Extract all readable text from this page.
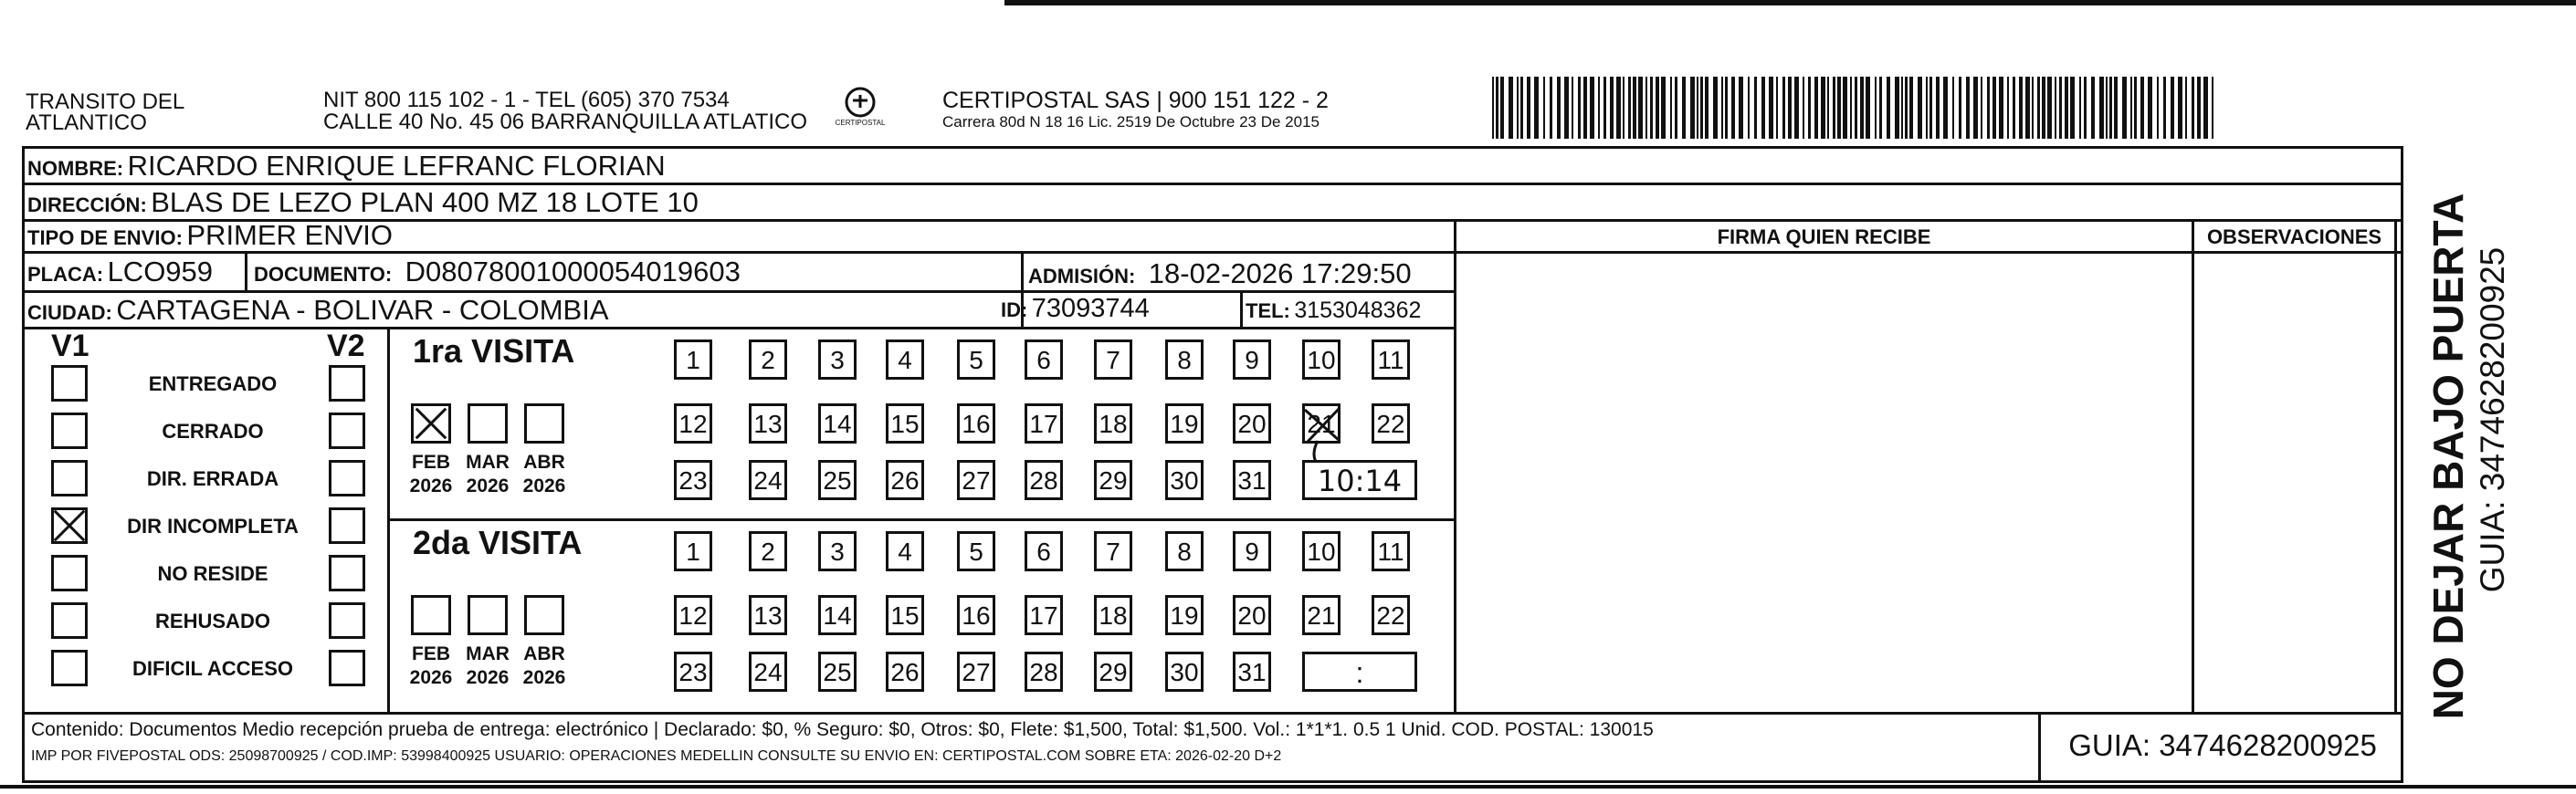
TRANSITO DEL
ATLANTICO
NIT 800 115 102 - 1 - TEL (605) 370 7534
CALLE 40 No. 45 06 BARRANQUILLA ATLATICO	CERTIPOSTAL
CERTIPOSTAL SAS | 900 151 122 - 2
Carrera 80d N 18 16 Lic. 2519 De Octubre 23 De 2015
NOMBRE: RICARDO ENRIQUE LEFRANC FLORIAN
DIRECCIÓN: BLAS DE LEZO PLAN 400 MZ 18 LOTE 10
TIPO DE ENVIO: PRIMER ENVIO
PLACA: LCO959 DOCUMENTO: D08078001000054019603	ADMISIÓN: 18-02-2026 17:29:50
CIUDAD: CARTAGENA - BOLIVAR - COLOMBIA	ID: 73093744	TEL: 3153048362
FIRMA QUIEN RECIBE	OBSERVACIONES
V1	V2
ENTREGADO
CERRADO
DIR. ERRADA
DIR INCOMPLETA
NO RESIDE
REHUSADO
DIFICIL ACCESO
1ra VISITA
FEB
2026
MAR
2026
ABR
2026
1	2	3	4	5	6	7	8	9	10 11
12 13 14 15 16 17 18 19 20 21 22
23 24 25 26 27 28 29 30 31	10:14
2da VISITA
FEB
2026
MAR
2026
ABR
2026
1	2	3	4	5	6	7	8	9	10 11
12 13 14 15 16 17 18 19 20 21 22
23 24 25 26 27 28 29 30 31	:
Contenido: Documentos Medio recepción prueba de entrega: electrónico | Declarado: $0, % Seguro: $0, Otros: $0, Flete: $1,500, Total: $1,500. Vol.: 1*1*1. 0.5 1 Unid. COD. POSTAL: 130015
IMP POR FIVEPOSTAL ODS: 25098700925 / COD.IMP: 53998400925 USUARIO: OPERACIONES MEDELLIN CONSULTE SU ENVIO EN: CERTIPOSTAL.COM SOBRE ETA: 2026-02-20 D+2	GUIA: 3474628200925
NO DEJAR BAJO PUERTA GUIA: 3474628200925
